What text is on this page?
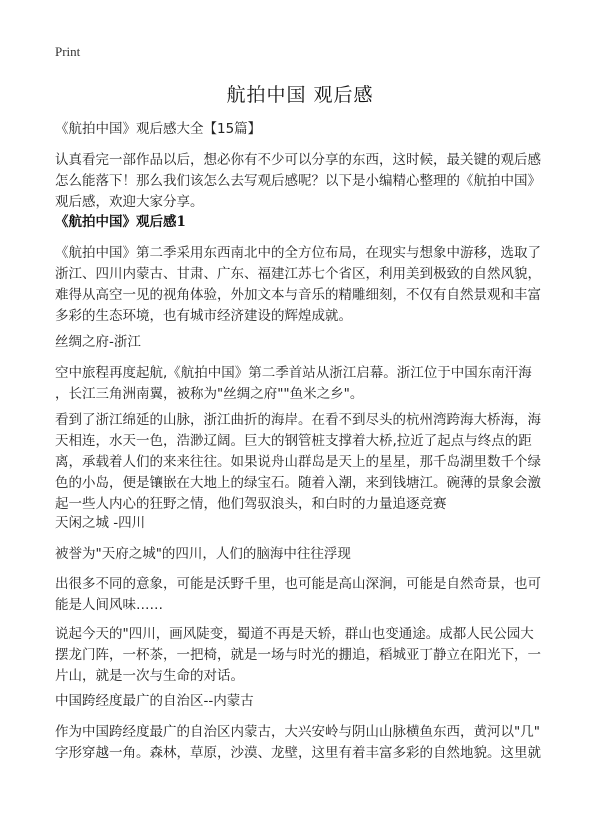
Print
航拍中国 观后感
《航拍中国》观后感大全【15篇】
认真看完一部作品以后，想必你有不少可以分享的东西，这时候，最关键的观后感
怎么能落下！那么我们该怎么去写观后感呢？以下是小编精心整理的《航拍中国》
观后感，欢迎大家分享。
《航拍中国》观后感1
《航拍中国》第二季采用东西南北中的全方位布局，在现实与想象中游移，选取了
浙江、四川内蒙古、甘肃、广东、福建江苏七个省区，利用美到极致的自然风貌，
难得从高空一见的视角体验，外加文本与音乐的精雕细刻，不仅有自然景观和丰富
多彩的生态环境，也有城市经济建设的辉煌成就。
丝绸之府-浙江
空中旅程再度起航,《航拍中国》第二季首站从浙江启幕。浙江位于中国东南汗海
，长江三角洲南翼，被称为"丝绸之府""鱼米之乡"。
看到了浙江绵延的山脉，浙江曲折的海岸。在看不到尽头的杭州湾跨海大桥海，海
天相连，水天一色，浩渺辽阔。巨大的钢管桩支撑着大桥,拉近了起点与终点的距
离，承载着人们的来来往往。如果说舟山群岛是天上的星星，那千岛湖里数千个绿
色的小岛，便是镶嵌在大地上的绿宝石。随着入潮，来到钱塘江。碗薄的景象会激
起一些人内心的狂野之情，他们驾驭浪头，和白时的力量追逐竞赛
天闲之城 -四川
被誉为"天府之城"的四川，人们的脑海中往往浮现
出很多不同的意象，可能是沃野千里，也可能是高山深涧，可能是自然奇景，也可
能是人间风味……
说起今天的"四川，画风陡变，蜀道不再是天轿，群山也变通途。成都人民公园大
摆龙门阵，一杯茶，一把椅，就是一场与时光的掤追，稻城亚丁静立在阳光下，一
片山，就是一次与生命的对话。
中国跨经度最广的自治区--内蒙古
作为中国跨经度最广的自治区内蒙古，大兴安岭与阴山山脉横鱼东西，黄河以"几"
字形穿越一角。森林，草原，沙漠、龙壁，这里有着丰富多彩的自然地貌。这里就
